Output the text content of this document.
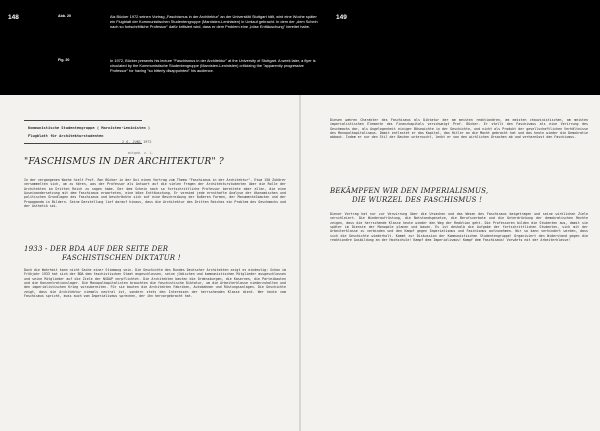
148	149
Abb. 20	Als Bücker 1972 seinen Vortrag „Faschismus in der Architektur" an der Universität Stuttgart hält, wird eine Woche später ein Flugblatt der Kommunistischen Studentengruppe (Marxisten-Leninisten) in Umlauf gebracht. In dem der „dem Schein nach so fortschrittliche Professor" dafür kritisiert wird, dass er dem Problem eine „böse Enttäuschung" bereitet habe.
Fig. 20	In 1972, Bücker presents his lecture "Faschismus in der Architektur" at the University of Stuttgart. A week later, a flyer is circulated by the Kommunistische Studentengruppe (Marxisten-Leninisten) criticizing the "apparently progressive Professor" for having "so bitterly disappointed" his audience.
Kommunistische Studentengruppe ( Marxisten-Leninisten )
Flugblatt für Architekturstudenten
2 6. JUNI 1972
mitgeb. v. L.
"FASCHISMUS IN DER ARCHITEKTUR" ?
In der vergangenen Woche hielt Prof. Ron Bücker in der Uni einen Vortrag zum Thema "Faschismus in der Architektur". Etwa 150 Zuhörer versammelten sich, um zu hören, was der Professor als Antwort auf die vielen Fragen der Architekturstudenten über die Rolle der Architekten im Dritten Reich zu sagen habe. Der dem Schein nach so fortschrittliche Professor bereitete aber allen, die eine Auseinandersetzung mit dem Faschismus erwarteten, eine böse Enttäuschung. Er vermied jede ernsthafte Analyse der ökonomischen und politischen Grundlagen des Faschismus und beschränkte sich auf eine Beschreibung der äußeren Formen, der Monumentalbauten und der Propaganda in Bildern. Seine Darstellung lief darauf hinaus, dass die Architektur des Dritten Reiches ein Problem des Geschmacks und der Ästhetik sei.
1933 - DER BDA AUF DER SEITE DER
FASCHISTISCHEN DIKTATUR !
Doch die Wahrheit kann nicht Sache einer Stimmung sein. Die Geschichte des Bundes Deutscher Architekten zeigt es eindeutig: Schon im Frühjahr 1933 hat sich der BDA dem faschistischen Staat angeschlossen, seine jüdischen und kommunistischen Mitglieder ausgeschlossen und seine Mitglieder auf die Ziele der NSDAP verpflichtet. Die Architekten bauten die Ordensburgen, die Kasernen, die Parteibauten und die Konzentrationslager. Die Monopolkapitalisten brauchten die faschistische Diktatur, um die Arbeiterklasse niederzuhalten und den imperialistischen Krieg vorzubereiten. Für sie bauten die Architekten Fabriken, Autobahnen und Rüstungsanlagen. Die Geschichte zeigt, dass die Architektur niemals neutral ist, sondern stets den Interessen der herrschenden Klasse dient. Wer heute vom Faschismus spricht, muss auch vom Imperialismus sprechen, der ihn hervorgebracht hat.
Diesen wahren Charakter des Faschismus als Diktatur der am meisten reaktionären, am meisten chauvinistischen, am meisten imperialistischen Elemente des Finanzkapitals verschweigt Prof. Bücker. Er stellt den Faschismus als eine Verirrung des Geschmacks dar, als Angelegenheit einiger Bösewichte in der Geschichte, und nicht als Produkt der gesellschaftlichen Verhältnisse des Monopolkapitalismus. Damit entlastet er das Kapital, das Hitler an die Macht gebracht hat und das heute wieder die Demokratie abbaut. Indem er nur den Stil der Bauten untersucht, lenkt er von den wirklichen Ursachen ab und verharmlost den Faschismus.
BEKÄMPFEN WIR DEN IMPERIALISMUS,
DIE WURZEL DES FASCHISMUS !
Dieser Vortrag hat nur zur Verwirrung über die Ursachen und das Wesen des Faschismus beigetragen und seine wirklichen Ziele verschleiert. Die Wiederaufrüstung, die Notstandsgesetze, die Berufsverbote und die Unterdrückung der demokratischen Rechte zeigen, dass die herrschende Klasse heute wieder den Weg der Reaktion geht. Die Professoren bilden die Studenten aus, damit sie später im Dienste der Monopole planen und bauen. Es ist deshalb die Aufgabe der fortschrittlichen Studenten, sich mit der Arbeiterklasse zu verbinden und den Kampf gegen Imperialismus und Faschismus aufzunehmen. Nur so kann verhindert werden, dass sich die Geschichte wiederholt. Kommt zur Diskussion der Kommunistischen Studentengruppe! Organisiert den Widerstand gegen die reaktionäre Ausbildung an der Hochschule! Kampf dem Imperialismus! Kampf dem Faschismus! Vorwärts mit der Arbeiterklasse!
